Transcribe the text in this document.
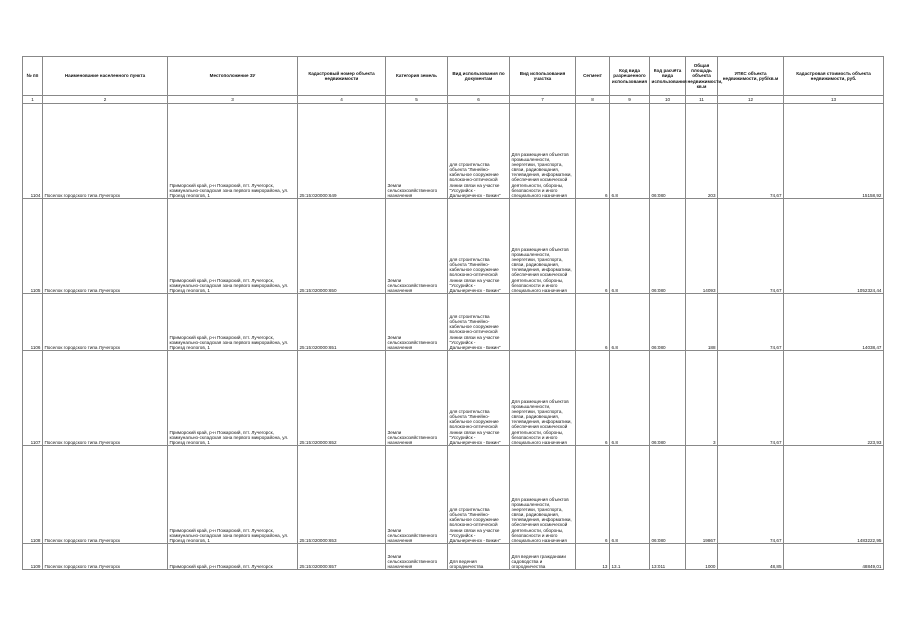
№ пп	Наименование населенного пункта	Местоположение ЗУ	Кадастровый номер объекта недвижимости	Категория земель	Вид использования по документам	Вид использования участка	Сегмент	Код вида разрешенного использования	Код расчёта вида использования	Общая площадь объекта недвижимости, кв.м	УПКС объекта недвижимости, руб/кв.м	Кадастровая стоимость объекта недвижимости, руб.
1	2	3	4	5	6	7	8	9	10	11	12	13
1104	Поселок городского типа Лучегорск	Приморский край, р-н Пожарский, пгт. Лучегорск, коммунально-складская зона первого микрорайона, ул. Проезд геологов, 1	25:15:020000:649	Земли сельскохозяйственного назначения	для строительства объекта "Линейно-кабельное сооружение волоконно-оптической линии связи на участке "Уссурийск - Дальнереченск - Бикин"	Для размещения объектов промышленности, энергетики, транспорта, связи, радиовещания, телевидения, информатики, обеспечения космической деятельности, обороны, безопасности и иного специального назначения	6	6.8	06:080	203	74,67	15158,92
1105	Поселок городского типа Лучегорск	Приморский край, р-н Пожарский, пгт. Лучегорск, коммунально-складская зона первого микрорайона, ул. Проезд геологов, 1	25:15:020000:650	Земли сельскохозяйственного назначения	для строительства объекта "Линейно-кабельное сооружение волоконно-оптической линии связи на участке "Уссурийск - Дальнереченск - Бикин"	Для размещения объектов промышленности, энергетики, транспорта, связи, радиовещания, телевидения, информатики, обеспечения космической деятельности, обороны, безопасности и иного специального назначения	6	6.8	06:080	14093	74,67	1052324,44
1106	Поселок городского типа Лучегорск	Приморский край, р-н Пожарский, пгт. Лучегорск, коммунально-складская зона первого микрорайона, ул. Проезд геологов, 1	25:15:020000:651	Земли сельскохозяйственного назначения	для строительства объекта "Линейно-кабельное сооружение волоконно-оптической линии связи на участке "Уссурийск - Дальнереченск - Бикин"		6	6.8	06:080	188	74,67	14038,47
1107	Поселок городского типа Лучегорск	Приморский край, р-н Пожарский, пгт. Лучегорск, коммунально-складская зона первого микрорайона, ул. Проезд геологов, 1	25:15:020000:652	Земли сельскохозяйственного назначения	для строительства объекта "Линейно-кабельное сооружение волоконно-оптической линии связи на участке "Уссурийск - Дальнереченск - Бикин"	Для размещения объектов промышленности, энергетики, транспорта, связи, радиовещания, телевидения, информатики, обеспечения космической деятельности, обороны, безопасности и иного специального назначения	6	6.8	06:080	3	74,67	223,93
1108	Поселок городского типа Лучегорск	Приморский край, р-н Пожарский, пгт. Лучегорск, коммунально-складская зона первого микрорайона, ул. Проезд геологов, 1	25:15:020000:653	Земли сельскохозяйственного назначения	для строительства объекта "Линейно-кабельное сооружение волоконно-оптической линии связи на участке "Уссурийск - Дальнереченск - Бикин"	Для размещения объектов промышленности, энергетики, транспорта, связи, радиовещания, телевидения, информатики, обеспечения космической деятельности, обороны, безопасности и иного специального назначения	6	6.8	06:080	19867	74,67	1483222,95
1109	Поселок городского типа Лучегорск	Приморский край, р-н Пожарский, пгт. Лучегорск	25:15:020000:657	Земли сельскохозяйственного назначения	Для ведения огородничества	Для ведения гражданами садоводства и огородничества	13	13.1	13:011	1000	48,85	48849,01
